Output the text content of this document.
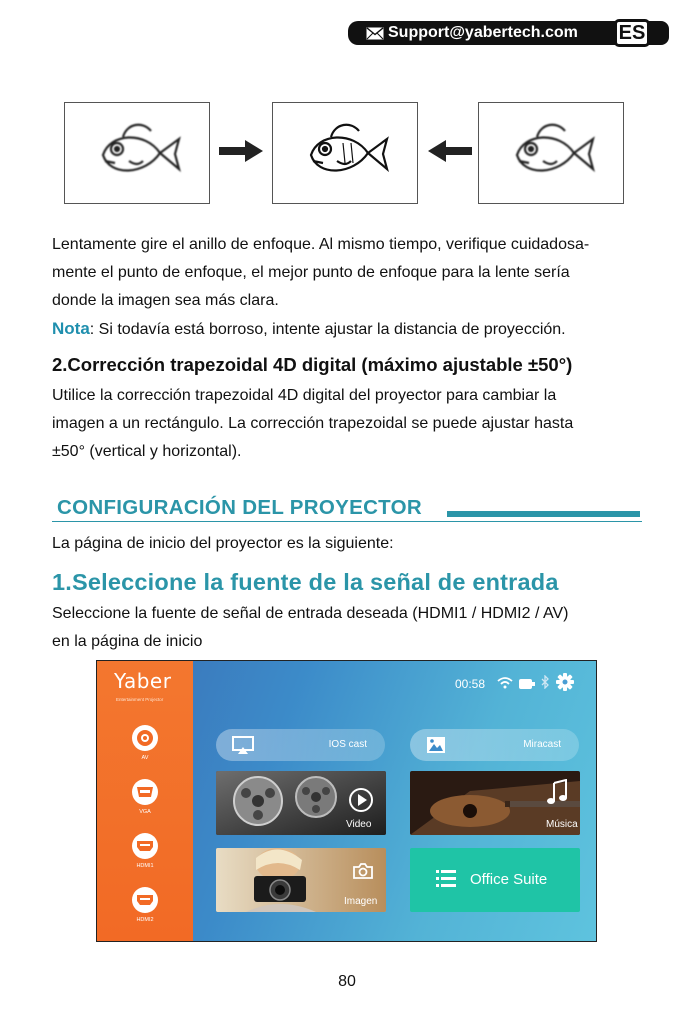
Support@yabertech.com ES
Lentamente gire el anillo de enfoque. Al mismo tiempo, verifique cuidadosa-
mente el punto de enfoque, el mejor punto de enfoque para la lente sería
donde la imagen sea más clara.
Nota: Si todavía está borroso, intente ajustar la distancia de proyección.
2.Corrección trapezoidal 4D digital (máximo ajustable ±50°)
Utilice la corrección trapezoidal 4D digital del proyector para cambiar la
imagen a un rectángulo. La corrección trapezoidal se puede ajustar hasta
±50° (vertical y horizontal).
CONFIGURACIÓN DEL PROYECTOR
La página de inicio del proyector es la siguiente:
1.Seleccione la fuente de la señal de entrada
Seleccione la fuente de señal de entrada deseada (HDMI1 / HDMI2 / AV)
en la página de inicio
Yaber
Entertainment Projector
AV
VGA
HDMI1
HDMI2
00:58
IOS cast	Miracast
Video	Música
Imagen
Office Suite
80
